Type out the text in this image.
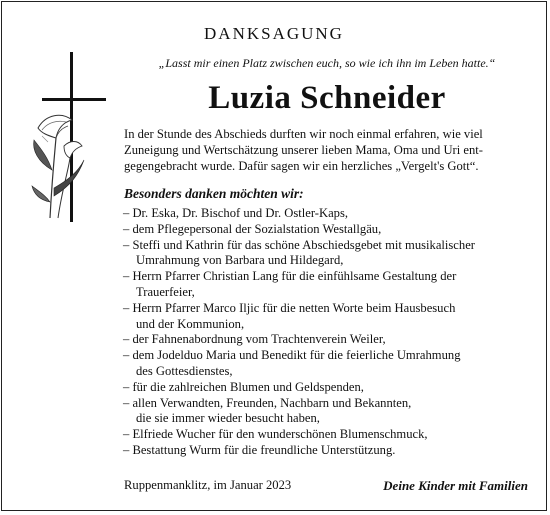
DANKSAGUNG
„Lasst mir einen Platz zwischen euch, so wie ich ihn im Leben hatte.“
Luzia Schneider
In der Stunde des Abschieds durften wir noch einmal erfahren, wie viel
Zuneigung und Wertschätzung unserer lieben Mama, Oma und Uri ent-
gegengebracht wurde. Dafür sagen wir ein herzliches „Vergelt's Gott“.
Besonders danken möchten wir:
– Dr. Eska, Dr. Bischof und Dr. Ostler-Kaps,
– dem Pflegepersonal der Sozialstation Westallgäu,
– Steffi und Kathrin für das schöne Abschiedsgebet mit musikalischer
Umrahmung von Barbara und Hildegard,
– Herrn Pfarrer Christian Lang für die einfühlsame Gestaltung der
Trauerfeier,
– Herrn Pfarrer Marco Iljic für die netten Worte beim Hausbesuch
und der Kommunion,
– der Fahnenabordnung vom Trachtenverein Weiler,
– dem Jodelduo Maria und Benedikt für die feierliche Umrahmung
des Gottesdienstes,
– für die zahlreichen Blumen und Geldspenden,
– allen Verwandten, Freunden, Nachbarn und Bekannten,
die sie immer wieder besucht haben,
– Elfriede Wucher für den wunderschönen Blumenschmuck,
– Bestattung Wurm für die freundliche Unterstützung.
Ruppenmanklitz, im Januar 2023	Deine Kinder mit Familien
